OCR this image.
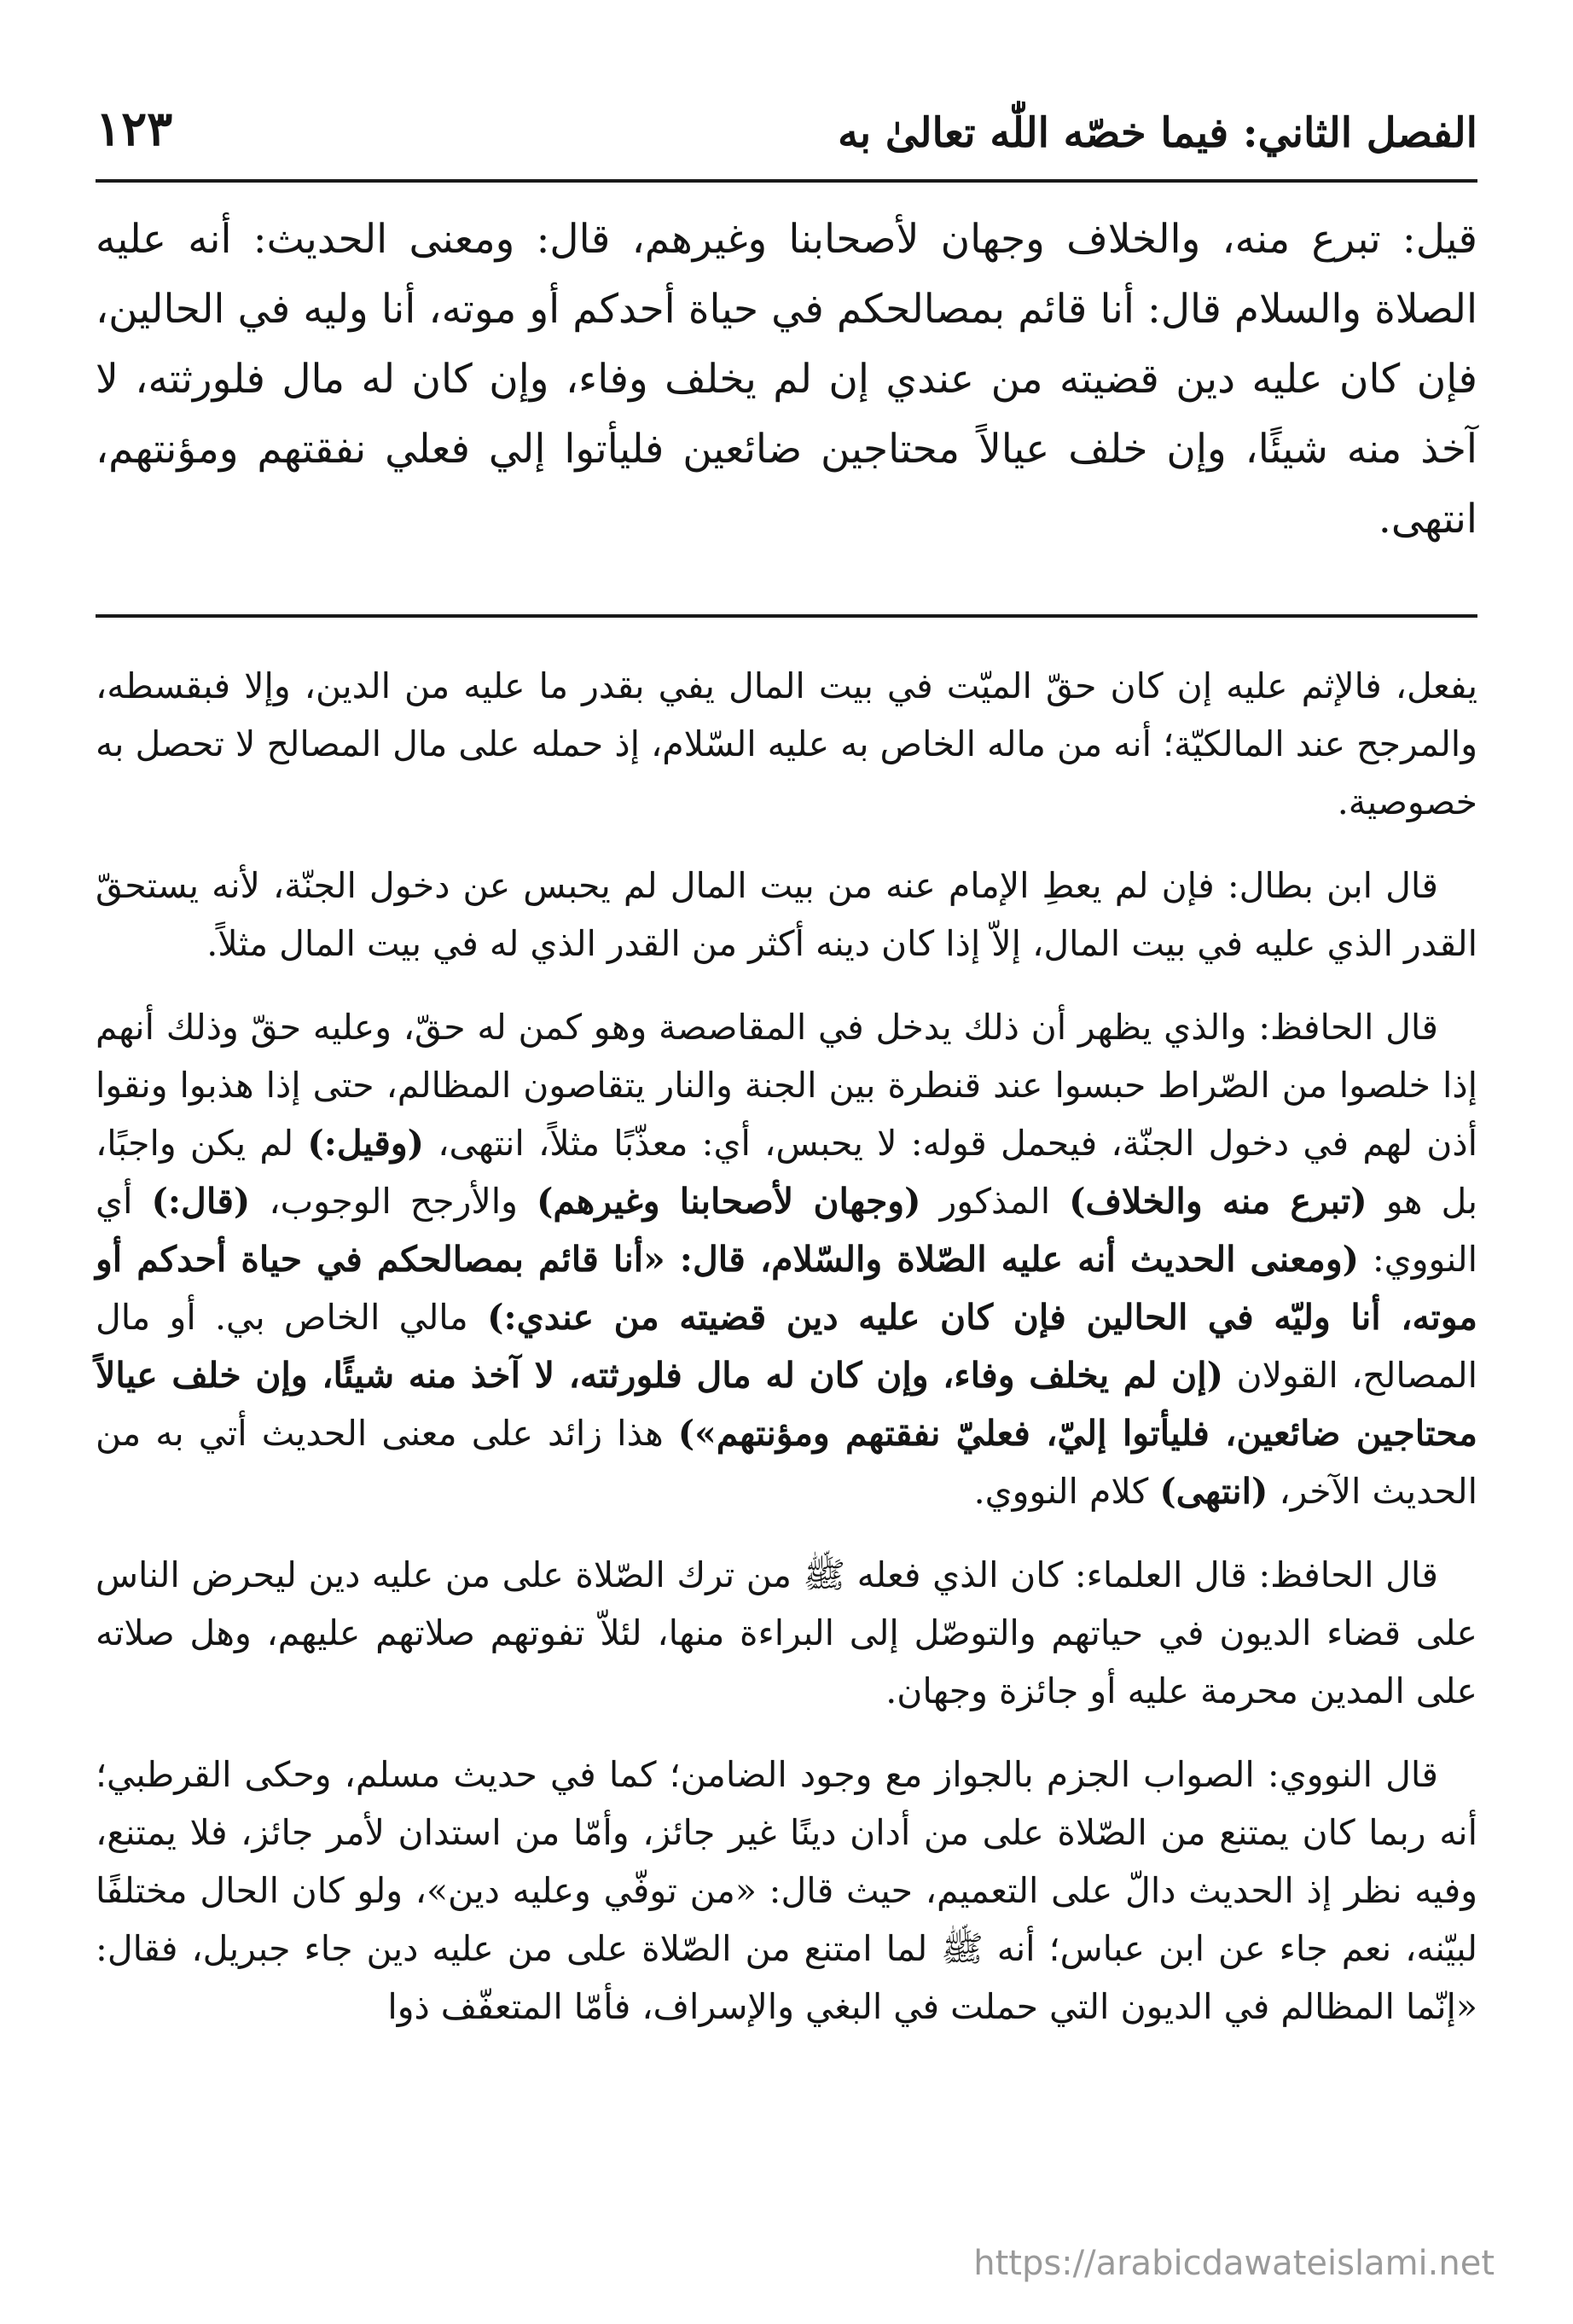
الفصل الثاني: فيما خصّه اللّٰه تعالىٰ به
١٢٣

قيل: تبرع منه، والخلاف وجهان لأصحابنا وغيرهم، قال: ومعنى الحديث: أنه عليه الصلاة والسلام قال: أنا قائم بمصالحكم في حياة أحدكم أو موته، أنا وليه في الحالين، فإن كان عليه دين قضيته من عندي إن لم يخلف وفاء، وإن كان له مال فلورثته، لا آخذ منه شيئًا، وإن خلف عيالاً محتاجين ضائعين فليأتوا إلي فعلي نفقتهم ومؤنتهم، انتهى.

يفعل، فالإثم عليه إن كان حقّ الميّت في بيت المال يفي بقدر ما عليه من الدين، وإلا فبقسطه، والمرجح عند المالكيّة؛ أنه من ماله الخاص به عليه السّلام، إذ حمله على مال المصالح لا تحصل به خصوصية.

قال ابن بطال: فإن لم يعطِ الإمام عنه من بيت المال لم يحبس عن دخول الجنّة، لأنه يستحقّ القدر الذي عليه في بيت المال، إلاّ إذا كان دينه أكثر من القدر الذي له في بيت المال مثلاً.

قال الحافظ: والذي يظهر أن ذلك يدخل في المقاصصة وهو كمن له حقّ، وعليه حقّ وذلك أنهم إذا خلصوا من الصّراط حبسوا عند قنطرة بين الجنة والنار يتقاصون المظالم، حتى إذا هذبوا ونقوا أذن لهم في دخول الجنّة، فيحمل قوله: لا يحبس، أي: معذّبًا مثلاً، انتهى، (وقيل:) لم يكن واجبًا، بل هو (تبرع منه والخلاف) المذكور (وجهان لأصحابنا وغيرهم) والأرجح الوجوب، (قال:) أي النووي: (ومعنى الحديث أنه عليه الصّلاة والسّلام، قال: «أنا قائم بمصالحكم في حياة أحدكم أو موته، أنا وليّه في الحالين فإن كان عليه دين قضيته من عندي:) مالي الخاص بي. أو مال المصالح، القولان (إن لم يخلف وفاء، وإن كان له مال فلورثته، لا آخذ منه شيئًا، وإن خلف عيالاً محتاجين ضائعين، فليأتوا إليّ، فعليّ نفقتهم ومؤنتهم») هذا زائد على معنى الحديث أتي به من الحديث الآخر، (انتهى) كلام النووي.

قال الحافظ: قال العلماء: كان الذي فعله ﷺ من ترك الصّلاة على من عليه دين ليحرض الناس على قضاء الديون في حياتهم والتوصّل إلى البراءة منها، لئلاّ تفوتهم صلاتهم عليهم، وهل صلاته على المدين محرمة عليه أو جائزة وجهان.

قال النووي: الصواب الجزم بالجواز مع وجود الضامن؛ كما في حديث مسلم، وحكى القرطبي؛ أنه ربما كان يمتنع من الصّلاة على من أدان دينًا غير جائز، وأمّا من استدان لأمر جائز، فلا يمتنع، وفيه نظر إذ الحديث دالّ على التعميم، حيث قال: «من توفّي وعليه دين»، ولو كان الحال مختلفًا لبيّنه، نعم جاء عن ابن عباس؛ أنه ﷺ لما امتنع من الصّلاة على من عليه دين جاء جبريل، فقال: «إنّما المظالم في الديون التي حملت في البغي والإسراف، فأمّا المتعفّف ذوا

https://arabicdawateislami.net
